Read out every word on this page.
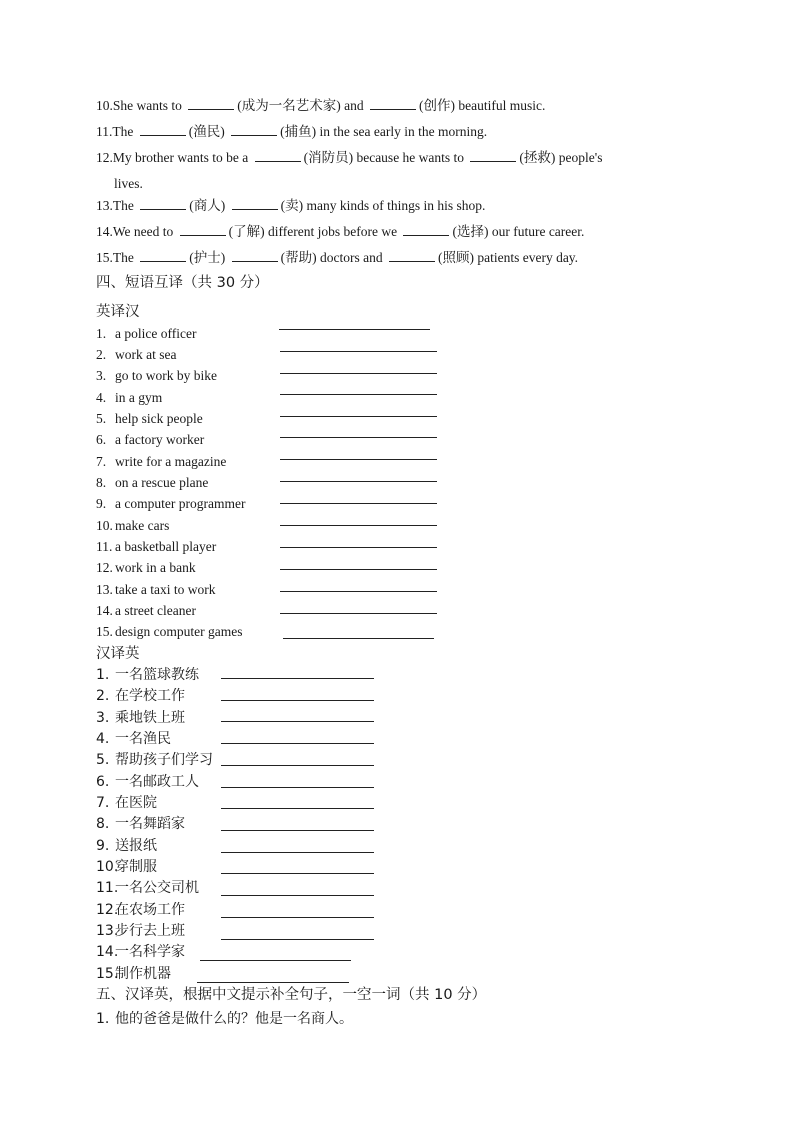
10.She wants to	(成为一名艺术家) and	(创作) beautiful music.
11.The	(渔民)	(捕鱼) in the sea early in the morning.
12.My brother wants to be a	(消防员) because he wants to	(拯救) people's
lives.
13.The	(商人)	(卖) many kinds of things in his shop.
14.We need to	(了解) different jobs before we	(选择) our future career.
15.The	(护士)	(帮助) doctors and	(照顾) patients every day.
四、短语互译（共 30 分）
英译汉
1. a police officer
2. work at sea
3. go to work by bike
4. in a gym
5. help sick people
6. a factory worker
7. write for a magazine
8. on a rescue plane
9. a computer programmer
10. make cars
11. a basketball player
12. work in a bank
13. take a taxi to work
14. a street cleaner
15. design computer games
汉译英
1. 一名篮球教练
2. 在学校工作
3. 乘地铁上班
4. 一名渔民
5. 帮助孩子们学习
6. 一名邮政工人
7. 在医院
8. 一名舞蹈家
9. 送报纸
10.穿制服
11.一名公交司机
12.在农场工作
13.步行去上班
14.一名科学家
15.制作机器
五、汉译英，根据中文提示补全句子，一空一词（共 10 分）
1. 他的爸爸是做什么的？他是一名商人。
